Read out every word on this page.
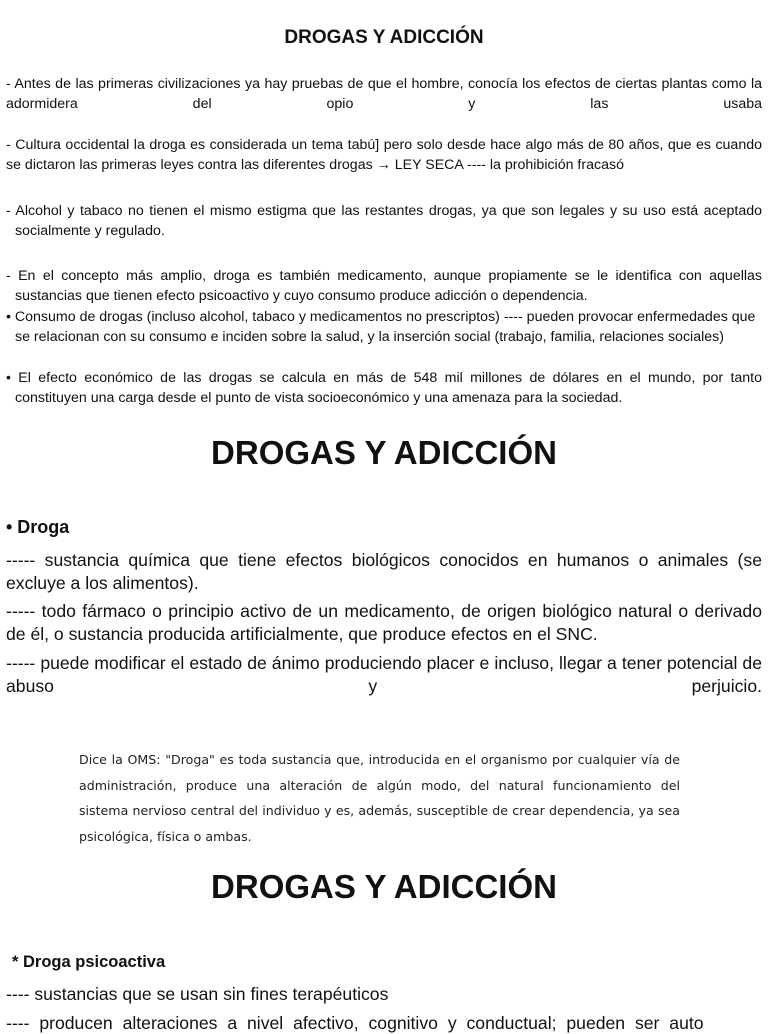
DROGAS Y ADICCIÓN
- Antes de las primeras civilizaciones ya hay pruebas de que el hombre, conocía los efectos de ciertas plantas como la adormidera del opio y las usaba
- Cultura occidental la droga es considerada un tema tabú] pero solo desde hace algo más de 80 años, que es cuando se dictaron las primeras leyes contra las diferentes drogas → LEY SECA ---- la prohibición fracasó
- Alcohol y tabaco no tienen el mismo estigma que las restantes drogas, ya que son legales y su uso está aceptado socialmente y regulado.
- En el concepto más amplio, droga es también medicamento, aunque propiamente se le identifica con aquellas sustancias que tienen efecto psicoactivo y cuyo consumo produce adicción o dependencia.
• Consumo de drogas (incluso alcohol, tabaco y medicamentos no prescriptos) ---- pueden provocar enfermedades que se relacionan con su consumo e inciden sobre la salud, y la inserción social (trabajo, familia, relaciones sociales)
• El efecto económico de las drogas se calcula en más de 548 mil millones de dólares en el mundo, por tanto constituyen una carga desde el punto de vista socioeconómico y una amenaza para la sociedad.
DROGAS Y ADICCIÓN
• Droga
----- sustancia química que tiene efectos biológicos conocidos en humanos o animales (se excluye a los alimentos).
----- todo fármaco o principio activo de un medicamento, de origen biológico natural o derivado de él, o sustancia producida artificialmente, que produce efectos en el SNC.
----- puede modificar el estado de ánimo produciendo placer e incluso, llegar a tener potencial de abuso y perjuicio.
Dice la OMS: "Droga" es toda sustancia que, introducida en el organismo por cualquier vía de administración, produce una alteración de algún modo, del natural funcionamiento del sistema nervioso central del individuo y es, además, susceptible de crear dependencia, ya sea psicológica, física o ambas.
DROGAS Y ADICCIÓN
* Droga psicoactiva
---- sustancias que se usan sin fines terapéuticos
---- producen alteraciones a nivel afectivo, cognitivo y conductual; pueden ser auto
